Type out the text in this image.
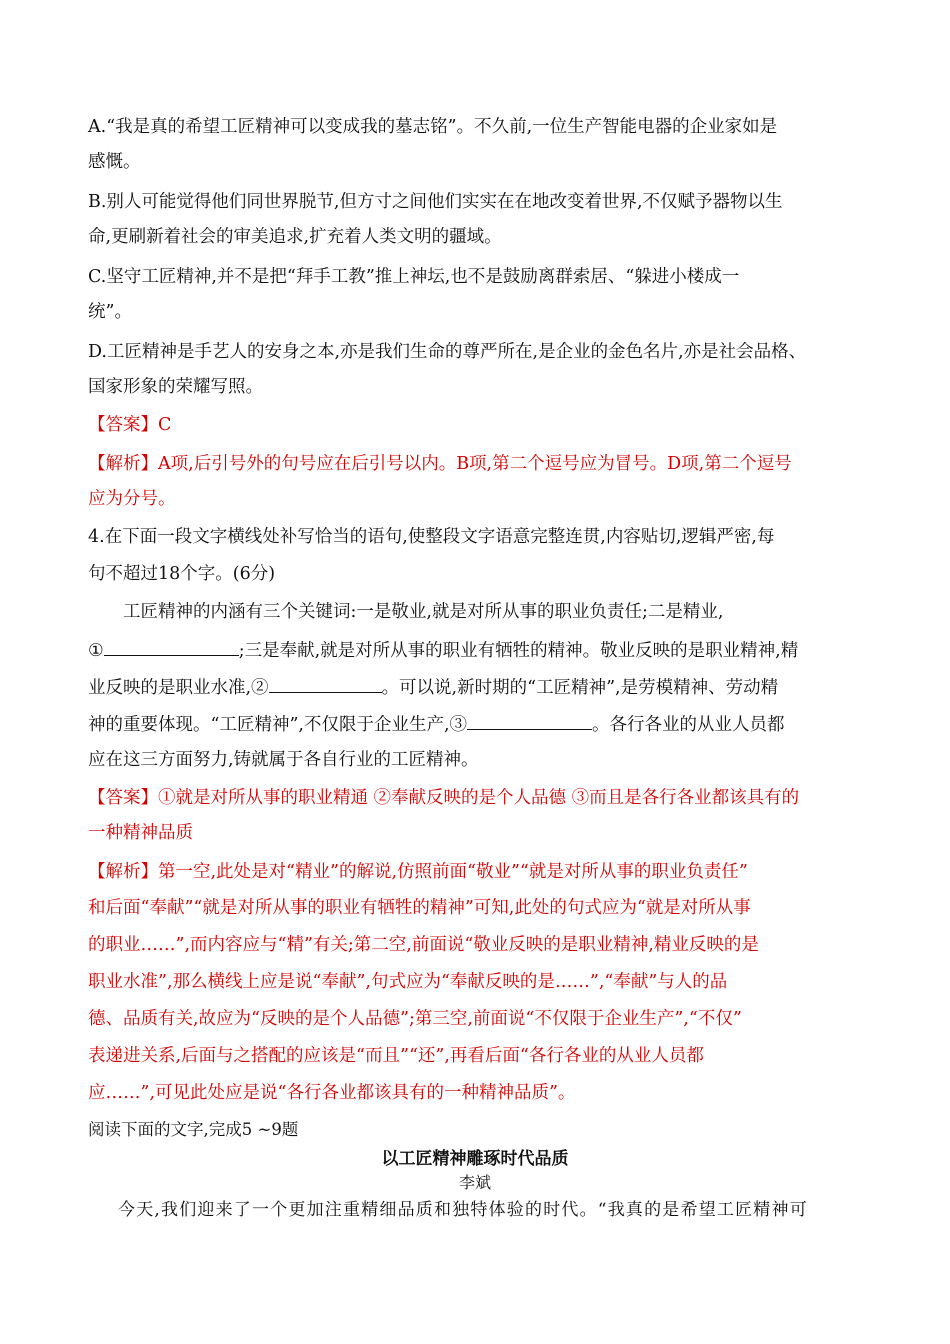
A.“我是真的希望工匠精神可以变成我的墓志铭”。不久前,一位生产智能电器的企业家如是
感慨。
B.别人可能觉得他们同世界脱节,但方寸之间他们实实在在地改变着世界,不仅赋予器物以生
命,更刷新着社会的审美追求,扩充着人类文明的疆域。
C.坚守工匠精神,并不是把“拜手工教”推上神坛,也不是鼓励离群索居、“躲进小楼成一
统”。
D.工匠精神是手艺人的安身之本,亦是我们生命的尊严所在,是企业的金色名片,亦是社会品格、
国家形象的荣耀写照。
【答案】C
【解析】A项,后引号外的句号应在后引号以内。B项,第二个逗号应为冒号。D项,第二个逗号
应为分号。
4.在下面一段文字横线处补写恰当的语句,使整段文字语意完整连贯,内容贴切,逻辑严密,每
句不超过18个字。(6分)
工匠精神的内涵有三个关键词:一是敬业,就是对所从事的职业负责任;二是精业,
①	;三是奉献,就是对所从事的职业有牺牲的精神。敬业反映的是职业精神,精
业反映的是职业水准,②	。可以说,新时期的“工匠精神”,是劳模精神、劳动精
神的重要体现。“工匠精神”,不仅限于企业生产,③	。各行各业的从业人员都
应在这三方面努力,铸就属于各自行业的工匠精神。
【答案】①就是对所从事的职业精通 ②奉献反映的是个人品德 ③而且是各行各业都该具有的
一种精神品质
【解析】第一空,此处是对“精业”的解说,仿照前面“敬业”“就是对所从事的职业负责任”
和后面“奉献”“就是对所从事的职业有牺牲的精神”可知,此处的句式应为“就是对所从事
的职业……”,而内容应与“精”有关;第二空,前面说“敬业反映的是职业精神,精业反映的是
职业水准”,那么横线上应是说“奉献”,句式应为“奉献反映的是……”,“奉献”与人的品
德、品质有关,故应为“反映的是个人品德”;第三空,前面说“不仅限于企业生产”,“不仅”
表递进关系,后面与之搭配的应该是“而且”“还”,再看后面“各行各业的从业人员都
应……”,可见此处应是说“各行各业都该具有的一种精神品质”。
阅读下面的文字,完成5 ~9题
以工匠精神雕琢时代品质
李斌
今天,我们迎来了一个更加注重精细品质和独特体验的时代。“我真的是希望工匠精神可
